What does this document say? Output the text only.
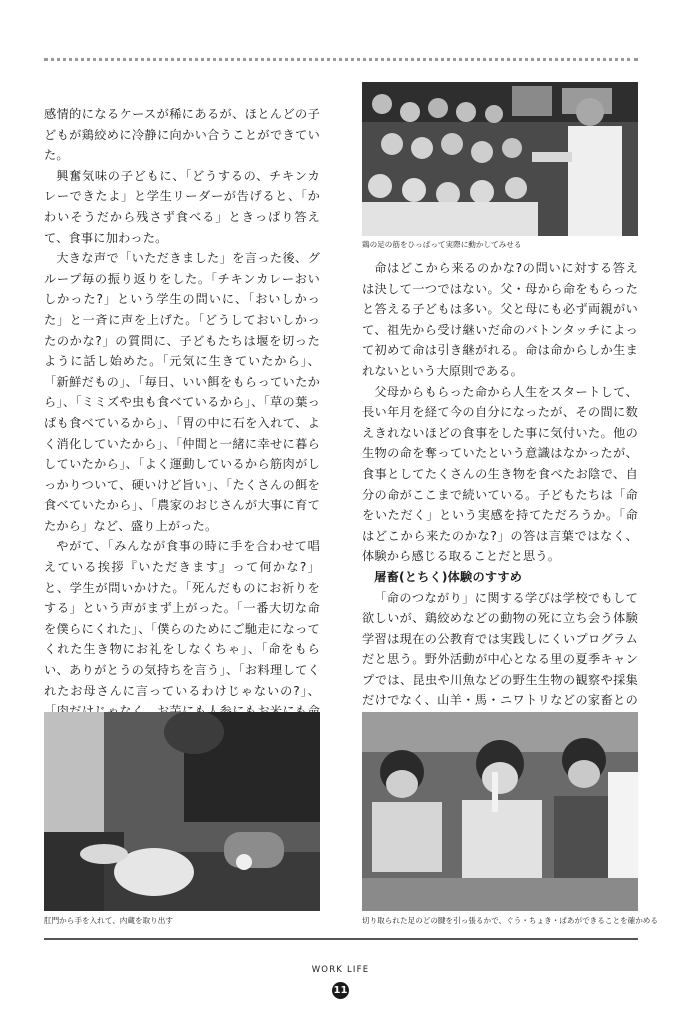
感情的になるケースが稀にあるが、ほとんどの子どもが鶏絞めに冷静に向かい合うことができていた。

興奮気味の子どもに、「どうするの、チキンカレーできたよ」と学生リーダーが告げると、「かわいそうだから残さず食べる」ときっぱり答えて、食事に加わった。

大きな声で「いただきました」を言った後、グループ毎の振り返りをした。「チキンカレーおいしかった?」という学生の問いに、「おいしかった」と一斉に声を上げた。「どうしておいしかったのかな?」の質問に、子どもたちは堰を切ったように話し始めた。「元気に生きていたから」、「新鮮だもの」、「毎日、いい餌をもらっていたから」、「ミミズや虫も食べているから」、「草の葉っぱも食べているから」、「胃の中に石を入れて、よく消化していたから」、「仲間と一緒に幸せに暮らしていたから」、「よく運動しているから筋肉がしっかりついて、硬いけど旨い」、「たくさんの餌を食べていたから」、「農家のおじさんが大事に育てたから」など、盛り上がった。

やがて、「みんなが食事の時に手を合わせて唱えている挨拶『いただきます』って何かな?」と、学生が問いかけた。「死んだものにお祈りをする」という声がまず上がった。「一番大切な命を僕らにくれた」、「僕らのためにご馳走になってくれた生き物にお礼をしなくちゃ」、「命をもらい、ありがとうの気持ちを言う」、「お料理してくれたお母さんに言っているわけじゃないの?」、

鶏の足の筋をひっぱって実際に動かしてみせる

命はどこから来るのかな?の問いに対する答えは決して一つではない。父・母から命をもらったと答える子どもは多い。父と母にも必ず両親がいて、祖先から受け継いだ命のバトンタッチによって初めて命は引き継がれる。命は命からしか生まれないという大原則である。

父母からもらった命から人生をスタートして、長い年月を経て今の自分になったが、その間に数えきれないほどの食事をした事に気付いた。他の生物の命を奪っていたという意識はなかったが、食事としてたくさんの生き物を食べたお陰で、自分の命がここまで続いている。子どもたちは「命をいただく」という実感を持てただろうか。「命はどこから来たのかな?」の答は言葉ではなく、体験から感じる取ることだと思う。

屠畜(とちく)体験のすすめ

「命のつながり」に関する学びは学校でもして欲しいが、鶏絞めなどの動物の死に立ち会う体験学習は現在の公教育では実践しにくいプログラムだと思う。野外活動が中心となる里の夏季キャンプでは、昆虫や川魚などの野生生物の観察や採集だけでなく、山羊・馬・ニワトリなどの家畜との

肛門から手を入れて、内蔵を取り出す	切り取られた足のどの腱を引っ張るかで、ぐう・ちょき・ぱあができることを確かめる
WORK LIFE
11
